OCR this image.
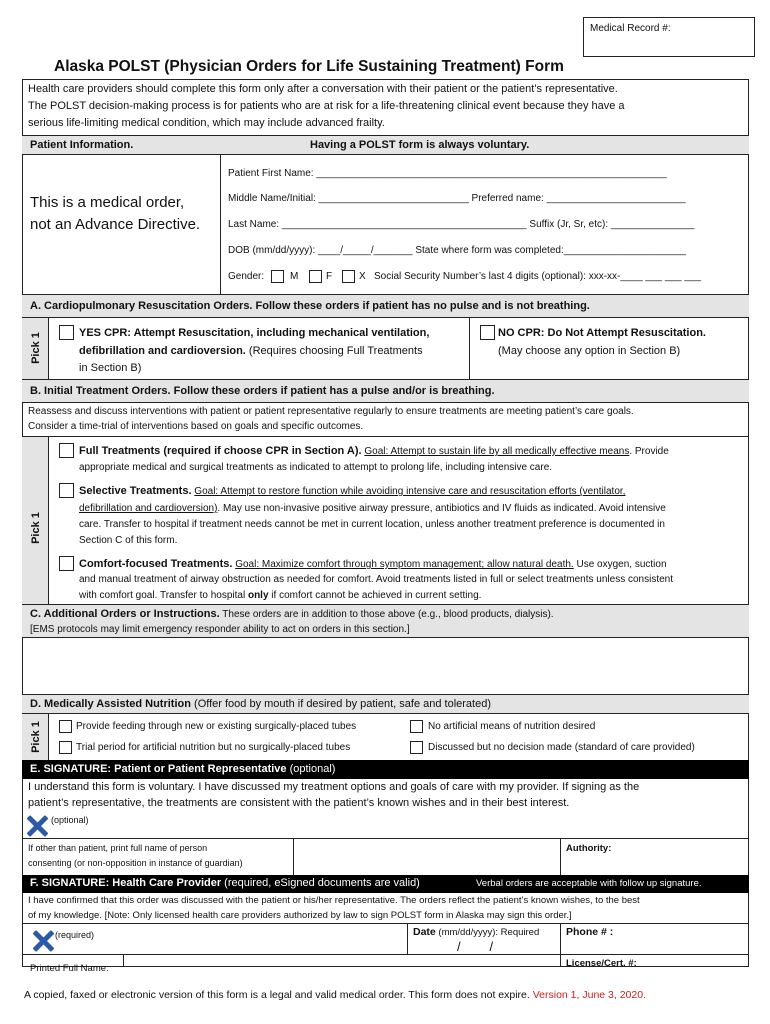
Medical Record #:
Alaska POLST (Physician Orders for Life Sustaining Treatment) Form
Health care providers should complete this form only after a conversation with their patient or the patient’s representative.
The POLST decision-making process is for patients who are at risk for a life-threatening clinical event because they have a
serious life-limiting medical condition, which may include advanced frailty.
Patient Information.	Having a POLST form is always voluntary.
This is a medical order,
not an Advance Directive.
Patient First Name: _______________________________________________________________
Middle Name/Initial: ___________________________ Preferred name: _________________________
Last Name: ____________________________________________ Suffix (Jr, Sr, etc): _______________
DOB (mm/dd/yyyy): ____/_____/_______ State where form was completed:______________________
Gender:	M	F	X Social Security Number’s last 4 digits (optional): xxx-xx-____ ___ ___ ___
A. Cardiopulmonary Resuscitation Orders. Follow these orders if patient has no pulse and is not breathing.
Pick 1	YES CPR: Attempt Resuscitation, including mechanical ventilation,
defibrillation and cardioversion. (Requires choosing Full Treatments
in Section B)
NO CPR: Do Not Attempt Resuscitation.
(May choose any option in Section B)
B. Initial Treatment Orders. Follow these orders if patient has a pulse and/or is breathing.
Reassess and discuss interventions with patient or patient representative regularly to ensure treatments are meeting patient’s care goals.
Consider a time-trial of interventions based on goals and specific outcomes.
Pick 1
Full Treatments (required if choose CPR in Section A). Goal: Attempt to sustain life by all medically effective means. Provide
appropriate medical and surgical treatments as indicated to attempt to prolong life, including intensive care.
Selective Treatments. Goal: Attempt to restore function while avoiding intensive care and resuscitation efforts (ventilator,
defibrillation and cardioversion). May use non-invasive positive airway pressure, antibiotics and IV fluids as indicated. Avoid intensive
care. Transfer to hospital if treatment needs cannot be met in current location, unless another treatment preference is documented in
Section C of this form.
Comfort-focused Treatments. Goal: Maximize comfort through symptom management; allow natural death. Use oxygen, suction
and manual treatment of airway obstruction as needed for comfort. Avoid treatments listed in full or select treatments unless consistent
with comfort goal. Transfer to hospital only if comfort cannot be achieved in current setting.
C. Additional Orders or Instructions. These orders are in addition to those above (e.g., blood products, dialysis).
[EMS protocols may limit emergency responder ability to act on orders in this section.]
D. Medically Assisted Nutrition (Offer food by mouth if desired by patient, safe and tolerated)
Pick 1	Provide feeding through new or existing surgically-placed tubes	No artificial means of nutrition desired
Trial period for artificial nutrition but no surgically-placed tubes	Discussed but no decision made (standard of care provided)
E. SIGNATURE: Patient or Patient Representative (optional)
I understand this form is voluntary. I have discussed my treatment options and goals of care with my provider. If signing as the
patient’s representative, the treatments are consistent with the patient’s known wishes and in their best interest.
(optional)
If other than patient, print full name of person
consenting (or non-opposition in instance of guardian)
Authority:
F. SIGNATURE: Health Care Provider (required, eSigned documents are valid)	Verbal orders are acceptable with follow up signature.
I have confirmed that this order was discussed with the patient or his/her representative. The orders reflect the patient’s known wishes, to the best
of my knowledge. [Note: Only licensed health care providers authorized by law to sign POLST form in Alaska may sign this order.]
(required)	Date (mm/dd/yyyy): Required
/        /
Phone # :
Printed Full Name:	License/Cert. #:
A copied, faxed or electronic version of this form is a legal and valid medical order. This form does not expire. Version 1, June 3, 2020.
